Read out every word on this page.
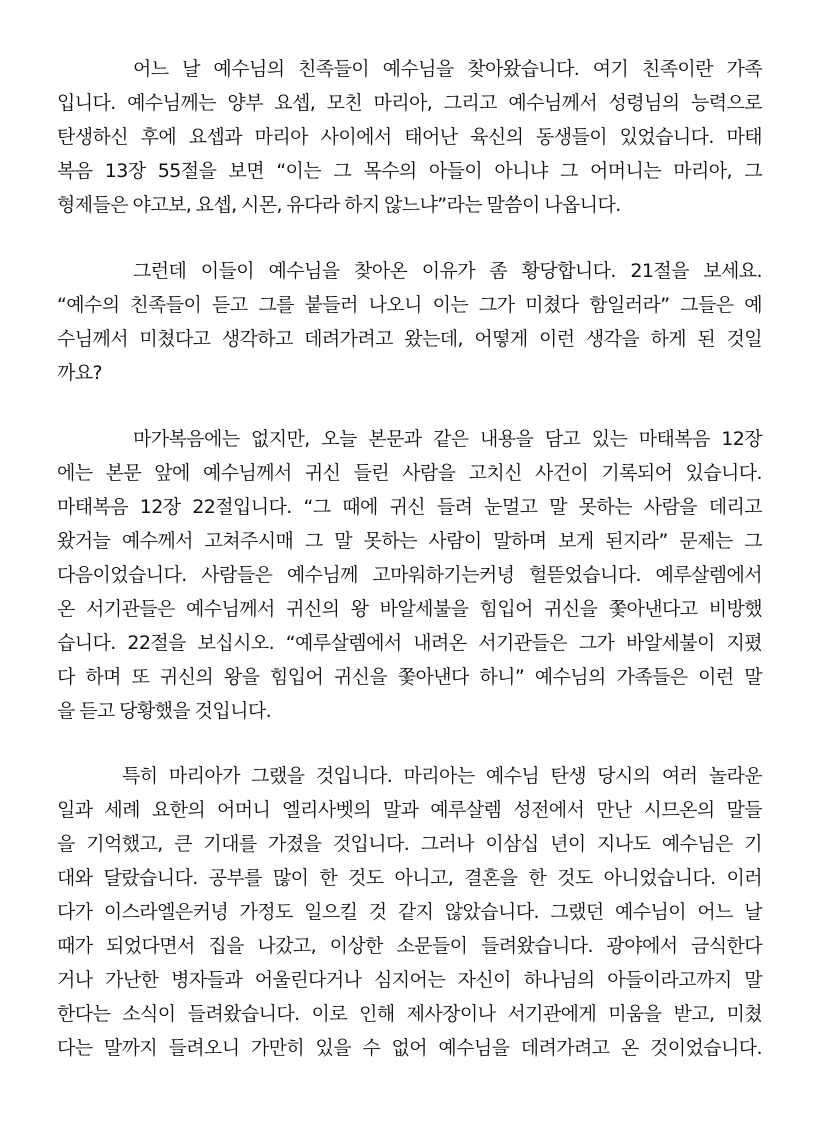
어느 날 예수님의 친족들이 예수님을 찾아왔습니다. 여기 친족이란 가족
입니다. 예수님께는 양부 요셉, 모친 마리아, 그리고 예수님께서 성령님의 능력으로
탄생하신 후에 요셉과 마리아 사이에서 태어난 육신의 동생들이 있었습니다. 마태
복음 13장 55절을 보면 “이는 그 목수의 아들이 아니냐 그 어머니는 마리아, 그
형제들은 야고보, 요셉, 시몬, 유다라 하지 않느냐”라는 말씀이 나옵니다.
그런데 이들이 예수님을 찾아온 이유가 좀 황당합니다. 21절을 보세요.
“예수의 친족들이 듣고 그를 붙들러 나오니 이는 그가 미쳤다 함일러라” 그들은 예
수님께서 미쳤다고 생각하고 데려가려고 왔는데, 어떻게 이런 생각을 하게 된 것일
까요?
마가복음에는 없지만, 오늘 본문과 같은 내용을 담고 있는 마태복음 12장
에는 본문 앞에 예수님께서 귀신 들린 사람을 고치신 사건이 기록되어 있습니다.
마태복음 12장 22절입니다. “그 때에 귀신 들려 눈멀고 말 못하는 사람을 데리고
왔거늘 예수께서 고쳐주시매 그 말 못하는 사람이 말하며 보게 된지라” 문제는 그
다음이었습니다. 사람들은 예수님께 고마워하기는커녕 헐뜯었습니다. 예루살렘에서
온 서기관들은 예수님께서 귀신의 왕 바알세불을 힘입어 귀신을 쫓아낸다고 비방했
습니다. 22절을 보십시오. “예루살렘에서 내려온 서기관들은 그가 바알세불이 지폈
다 하며 또 귀신의 왕을 힘입어 귀신을 쫓아낸다 하니” 예수님의 가족들은 이런 말
을 듣고 당황했을 것입니다.
특히 마리아가 그랬을 것입니다. 마리아는 예수님 탄생 당시의 여러 놀라운
일과 세례 요한의 어머니 엘리사벳의 말과 예루살렘 성전에서 만난 시므온의 말들
을 기억했고, 큰 기대를 가졌을 것입니다. 그러나 이삼십 년이 지나도 예수님은 기
대와 달랐습니다. 공부를 많이 한 것도 아니고, 결혼을 한 것도 아니었습니다. 이러
다가 이스라엘은커녕 가정도 일으킬 것 같지 않았습니다. 그랬던 예수님이 어느 날
때가 되었다면서 집을 나갔고, 이상한 소문들이 들려왔습니다. 광야에서 금식한다
거나 가난한 병자들과 어울린다거나 심지어는 자신이 하나님의 아들이라고까지 말
한다는 소식이 들려왔습니다. 이로 인해 제사장이나 서기관에게 미움을 받고, 미쳤
다는 말까지 들려오니 가만히 있을 수 없어 예수님을 데려가려고 온 것이었습니다.
